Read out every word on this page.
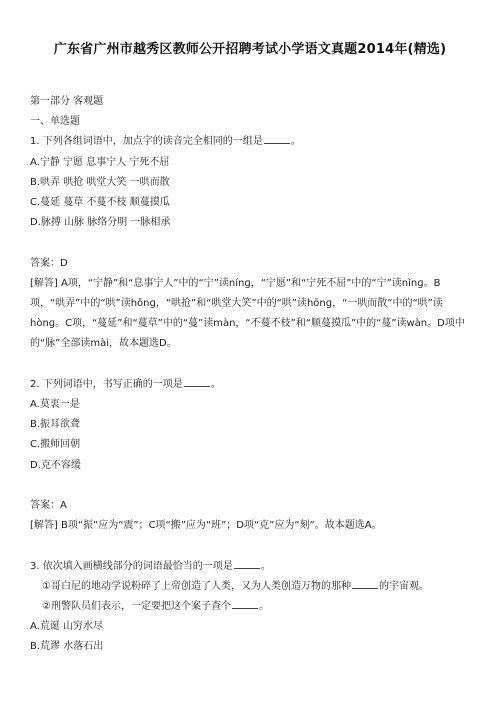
广东省广州市越秀区教师公开招聘考试小学语文真题2014年(精选)
第一部分 客观题
一、单选题
1. 下列各组词语中，加点字的读音完全相同的一组是	。
A.宁静 宁愿 息事宁人 宁死不屈
B.哄弄 哄抢 哄堂大笑 一哄而散
C.蔓延 蔓草 不蔓不枝 顺蔓摸瓜
D.脉搏 山脉 脉络分明 一脉相承
答案：D
[解答] A项，“宁静”和“息事宁人”中的“宁”读nínɡ，“宁愿”和“宁死不屈”中的“宁”读nìnɡ。B项，“哄弄”中的“哄”读hǒnɡ，“哄抢”和“哄堂大笑”中的“哄”读hōnɡ，“一哄而散”中的“哄”读hònɡ。C项，“蔓延”和“蔓草”中的“蔓”读màn，“不蔓不枝”和“顺蔓摸瓜”中的“蔓”读wàn。D项中的“脉”全部读mài，故本题选D。
2. 下列词语中，书写正确的一项是	。
A.莫衷一是
B.振耳欲聋
C.搬师回朝
D.克不容缓
答案：A
[解答] B项“振”应为“震”；C项“搬”应为“班”；D项“克”应为“刻”。故本题选A。
3. 依次填入画横线部分的词语最恰当的一项是	。
①哥白尼的地动学说粉碎了上帝创造了人类，又为人类创造万物的那种	的宇宙观。
②刑警队员们表示，一定要把这个案子查个	。
A.荒诞 山穷水尽
B.荒谬 水落石出
